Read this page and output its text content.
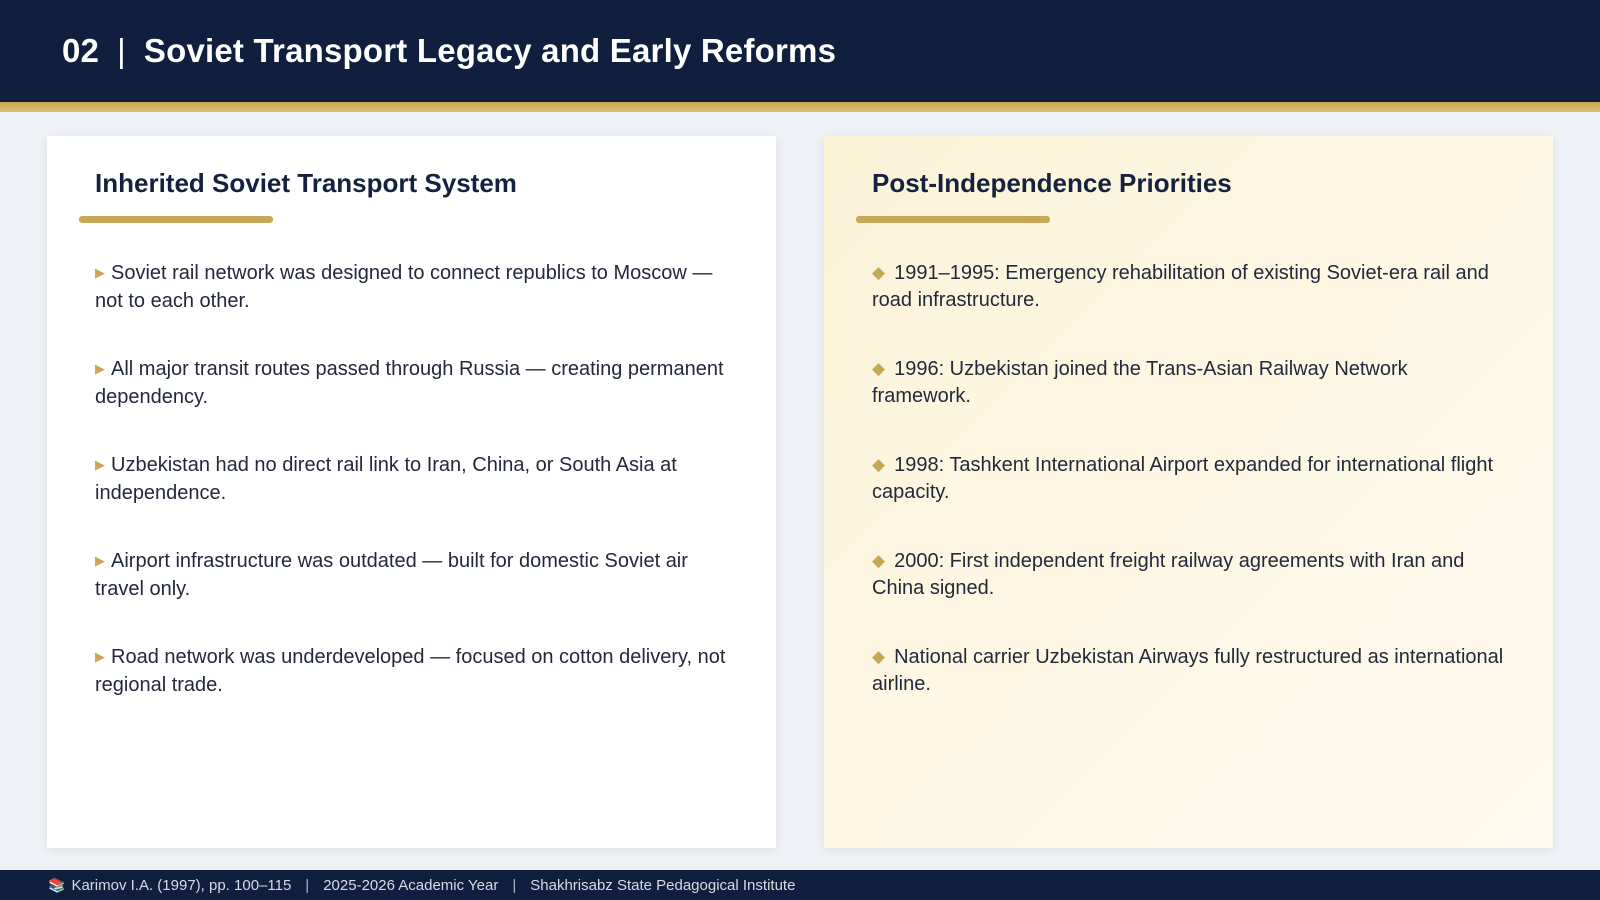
02 | Soviet Transport Legacy and Early Reforms
Inherited Soviet Transport System
▶ Soviet rail network was designed to connect republics to Moscow — not to each other.
▶ All major transit routes passed through Russia — creating permanent dependency.
▶ Uzbekistan had no direct rail link to Iran, China, or South Asia at independence.
▶ Airport infrastructure was outdated — built for domestic Soviet air travel only.
▶ Road network was underdeveloped — focused on cotton delivery, not regional trade.
Post-Independence Priorities
◆ 1991–1995: Emergency rehabilitation of existing Soviet-era rail and road infrastructure.
◆ 1996: Uzbekistan joined the Trans-Asian Railway Network framework.
◆ 1998: Tashkent International Airport expanded for international flight capacity.
◆ 2000: First independent freight railway agreements with Iran and China signed.
◆ National carrier Uzbekistan Airways fully restructured as international airline.
📚 Karimov I.A. (1997), pp. 100–115 | 2025-2026 Academic Year | Shakhrisabz State Pedagogical Institute
